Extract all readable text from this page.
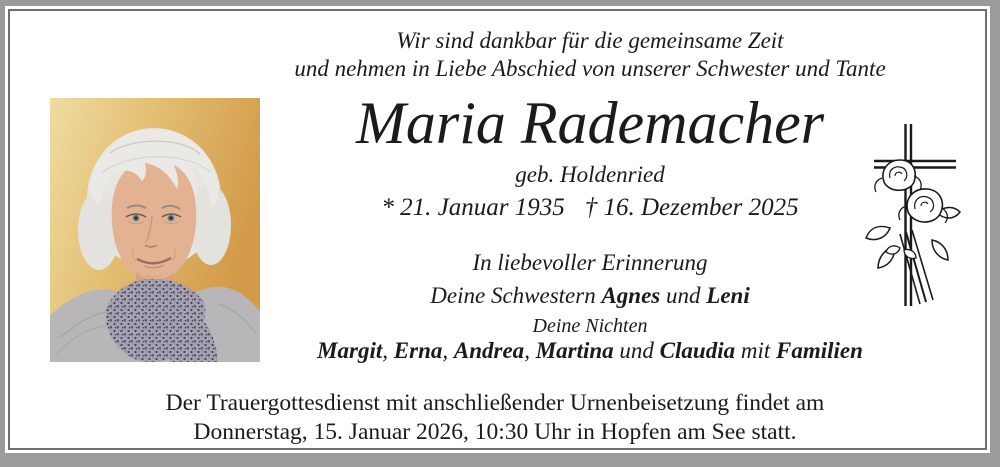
Wir sind dankbar für die gemeinsame Zeit
und nehmen in Liebe Abschied von unserer Schwester und Tante
Maria Rademacher
geb. Holdenried
* 21. Januar 1935 † 16. Dezember 2025
In liebevoller Erinnerung
Deine Schwestern Agnes und Leni
Deine Nichten
Margit, Erna, Andrea, Martina und Claudia mit Familien
Der Trauergottesdienst mit anschließender Urnenbeisetzung findet am
Donnerstag, 15. Januar 2026, 10:30 Uhr in Hopfen am See statt.
